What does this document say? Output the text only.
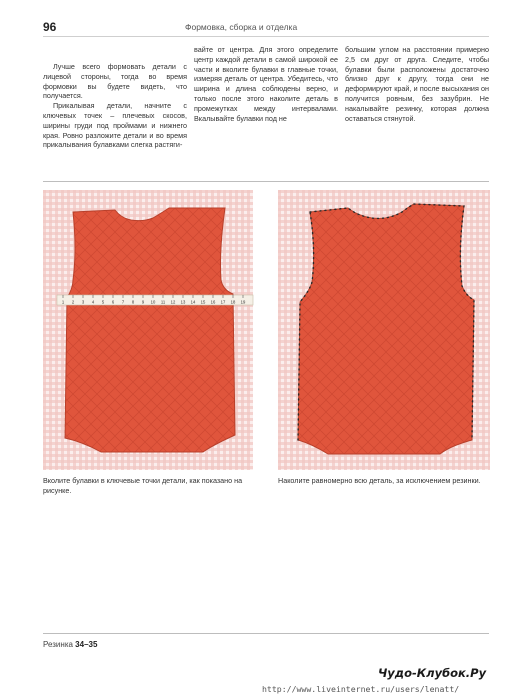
96	Формовка, сборка и отделка

Лучше всего формовать детали с лицевой стороны, тогда во время формовки вы будете видеть, что получается.

Прикалывая детали, начните с ключевых точек – плечевых скосов, ширины груди под проймами и нижнего края. Ровно разложите детали и во время прикалывания булавками слегка растяги-

вайте от центра. Для этого определите центр каждой детали в самой широкой ее части и вколите булавки в главные точки, измеряя деталь от центра. Убедитесь, что ширина и длина соблюдены верно, и только после этого наколите деталь в промежутках между интервалами. Вкалывайте булавки под не

большим углом на расстоянии примерно 2,5 см друг от друга. Следите, чтобы булавки были расположены достаточно близко друг к другу, тогда они не деформируют край, и после высыхания он получится ровным, без зазубрин. Не накалывайте резинку, которая должна оставаться стянутой.

1 2 3 4 5 6 7 8 9 10 11 12 13 14 15 16 17 18 19
Вколите булавки в ключевые точки детали, как показано на рисунке.
Наколите равномерно всю деталь, за исключением резинки.
Резинка 34–35
Чудо-Клубок.Ру
http://www.liveinternet.ru/users/lenatt/
